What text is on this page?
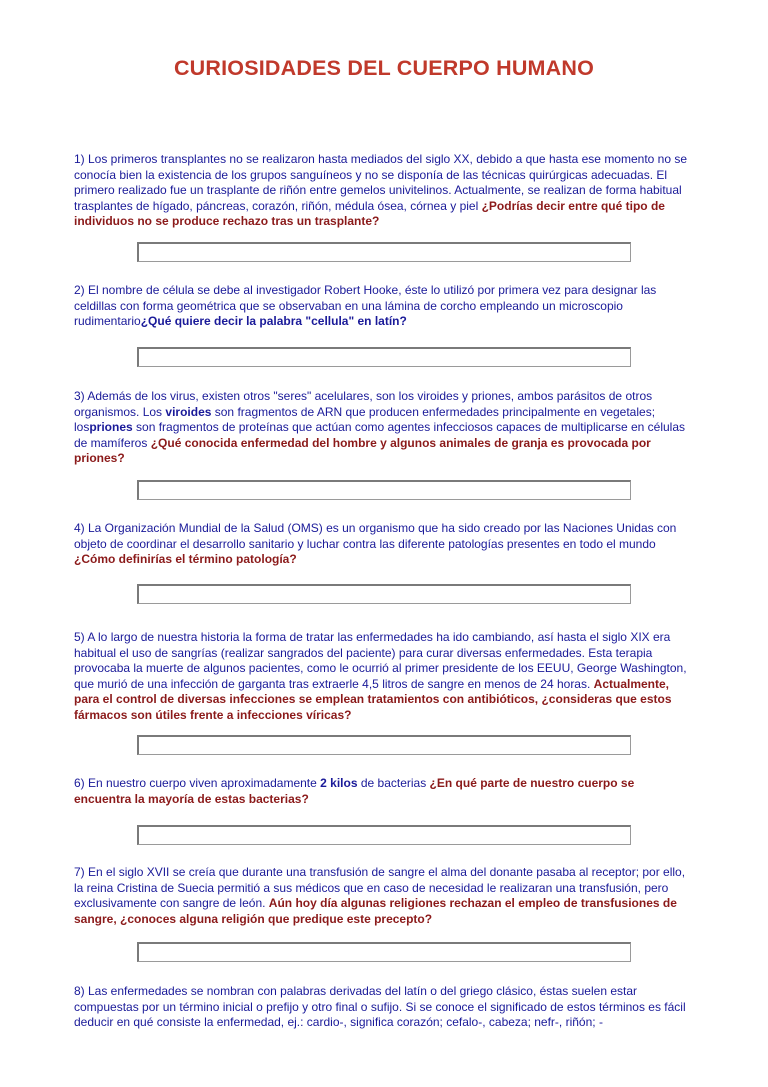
CURIOSIDADES DEL CUERPO HUMANO
1) Los primeros transplantes no se realizaron hasta mediados del siglo XX, debido a que hasta ese momento no se conocía bien la existencia de los grupos sanguíneos y no se disponía de las técnicas quirúrgicas adecuadas. El primero realizado fue un trasplante de riñón entre gemelos univitelinos. Actualmente, se realizan de forma habitual trasplantes de hígado, páncreas, corazón, riñón, médula ósea, córnea y piel ¿Podrías decir entre qué tipo de individuos no se produce rechazo tras un trasplante?
2) El nombre de célula se debe al investigador Robert Hooke, éste lo utilizó por primera vez para designar las celdillas con forma geométrica que se observaban en una lámina de corcho empleando un microscopio rudimentario¿Qué quiere decir la palabra "cellula" en latín?
3) Además de los virus, existen otros "seres" acelulares, son los viroides y priones, ambos parásitos de otros organismos. Los viroides son fragmentos de ARN que producen enfermedades principalmente en vegetales; lospriones son fragmentos de proteínas que actúan como agentes infecciosos capaces de multiplicarse en células de mamíferos ¿Qué conocida enfermedad del hombre y algunos animales de granja es provocada por priones?
4) La Organización Mundial de la Salud (OMS) es un organismo que ha sido creado por las Naciones Unidas con objeto de coordinar el desarrollo sanitario y luchar contra las diferente patologías presentes en todo el mundo ¿Cómo definirías el término patología?
5) A lo largo de nuestra historia la forma de tratar las enfermedades ha ido cambiando, así hasta el siglo XIX era habitual el uso de sangrías (realizar sangrados del paciente) para curar diversas enfermedades. Esta terapia provocaba la muerte de algunos pacientes, como le ocurrió al primer presidente de los EEUU, George Washington, que murió de una infección de garganta tras extraerle 4,5 litros de sangre en menos de 24 horas. Actualmente, para el control de diversas infecciones se emplean tratamientos con antibióticos, ¿consideras que estos fármacos son útiles frente a infecciones víricas?
6) En nuestro cuerpo viven aproximadamente 2 kilos de bacterias ¿En qué parte de nuestro cuerpo se encuentra la mayoría de estas bacterias?
7) En el siglo XVII se creía que durante una transfusión de sangre el alma del donante pasaba al receptor; por ello, la reina Cristina de Suecia permitió a sus médicos que en caso de necesidad le realizaran una transfusión, pero exclusivamente con sangre de león. Aún hoy día algunas religiones rechazan el empleo de transfusiones de sangre, ¿conoces alguna religión que predique este precepto?
8) Las enfermedades se nombran con palabras derivadas del latín o del griego clásico, éstas suelen estar compuestas por un término inicial o prefijo y otro final o sufijo. Si se conoce el significado de estos términos es fácil deducir en qué consiste la enfermedad, ej.: cardio-, significa corazón; cefalo-, cabeza; nefr-, riñón; -
